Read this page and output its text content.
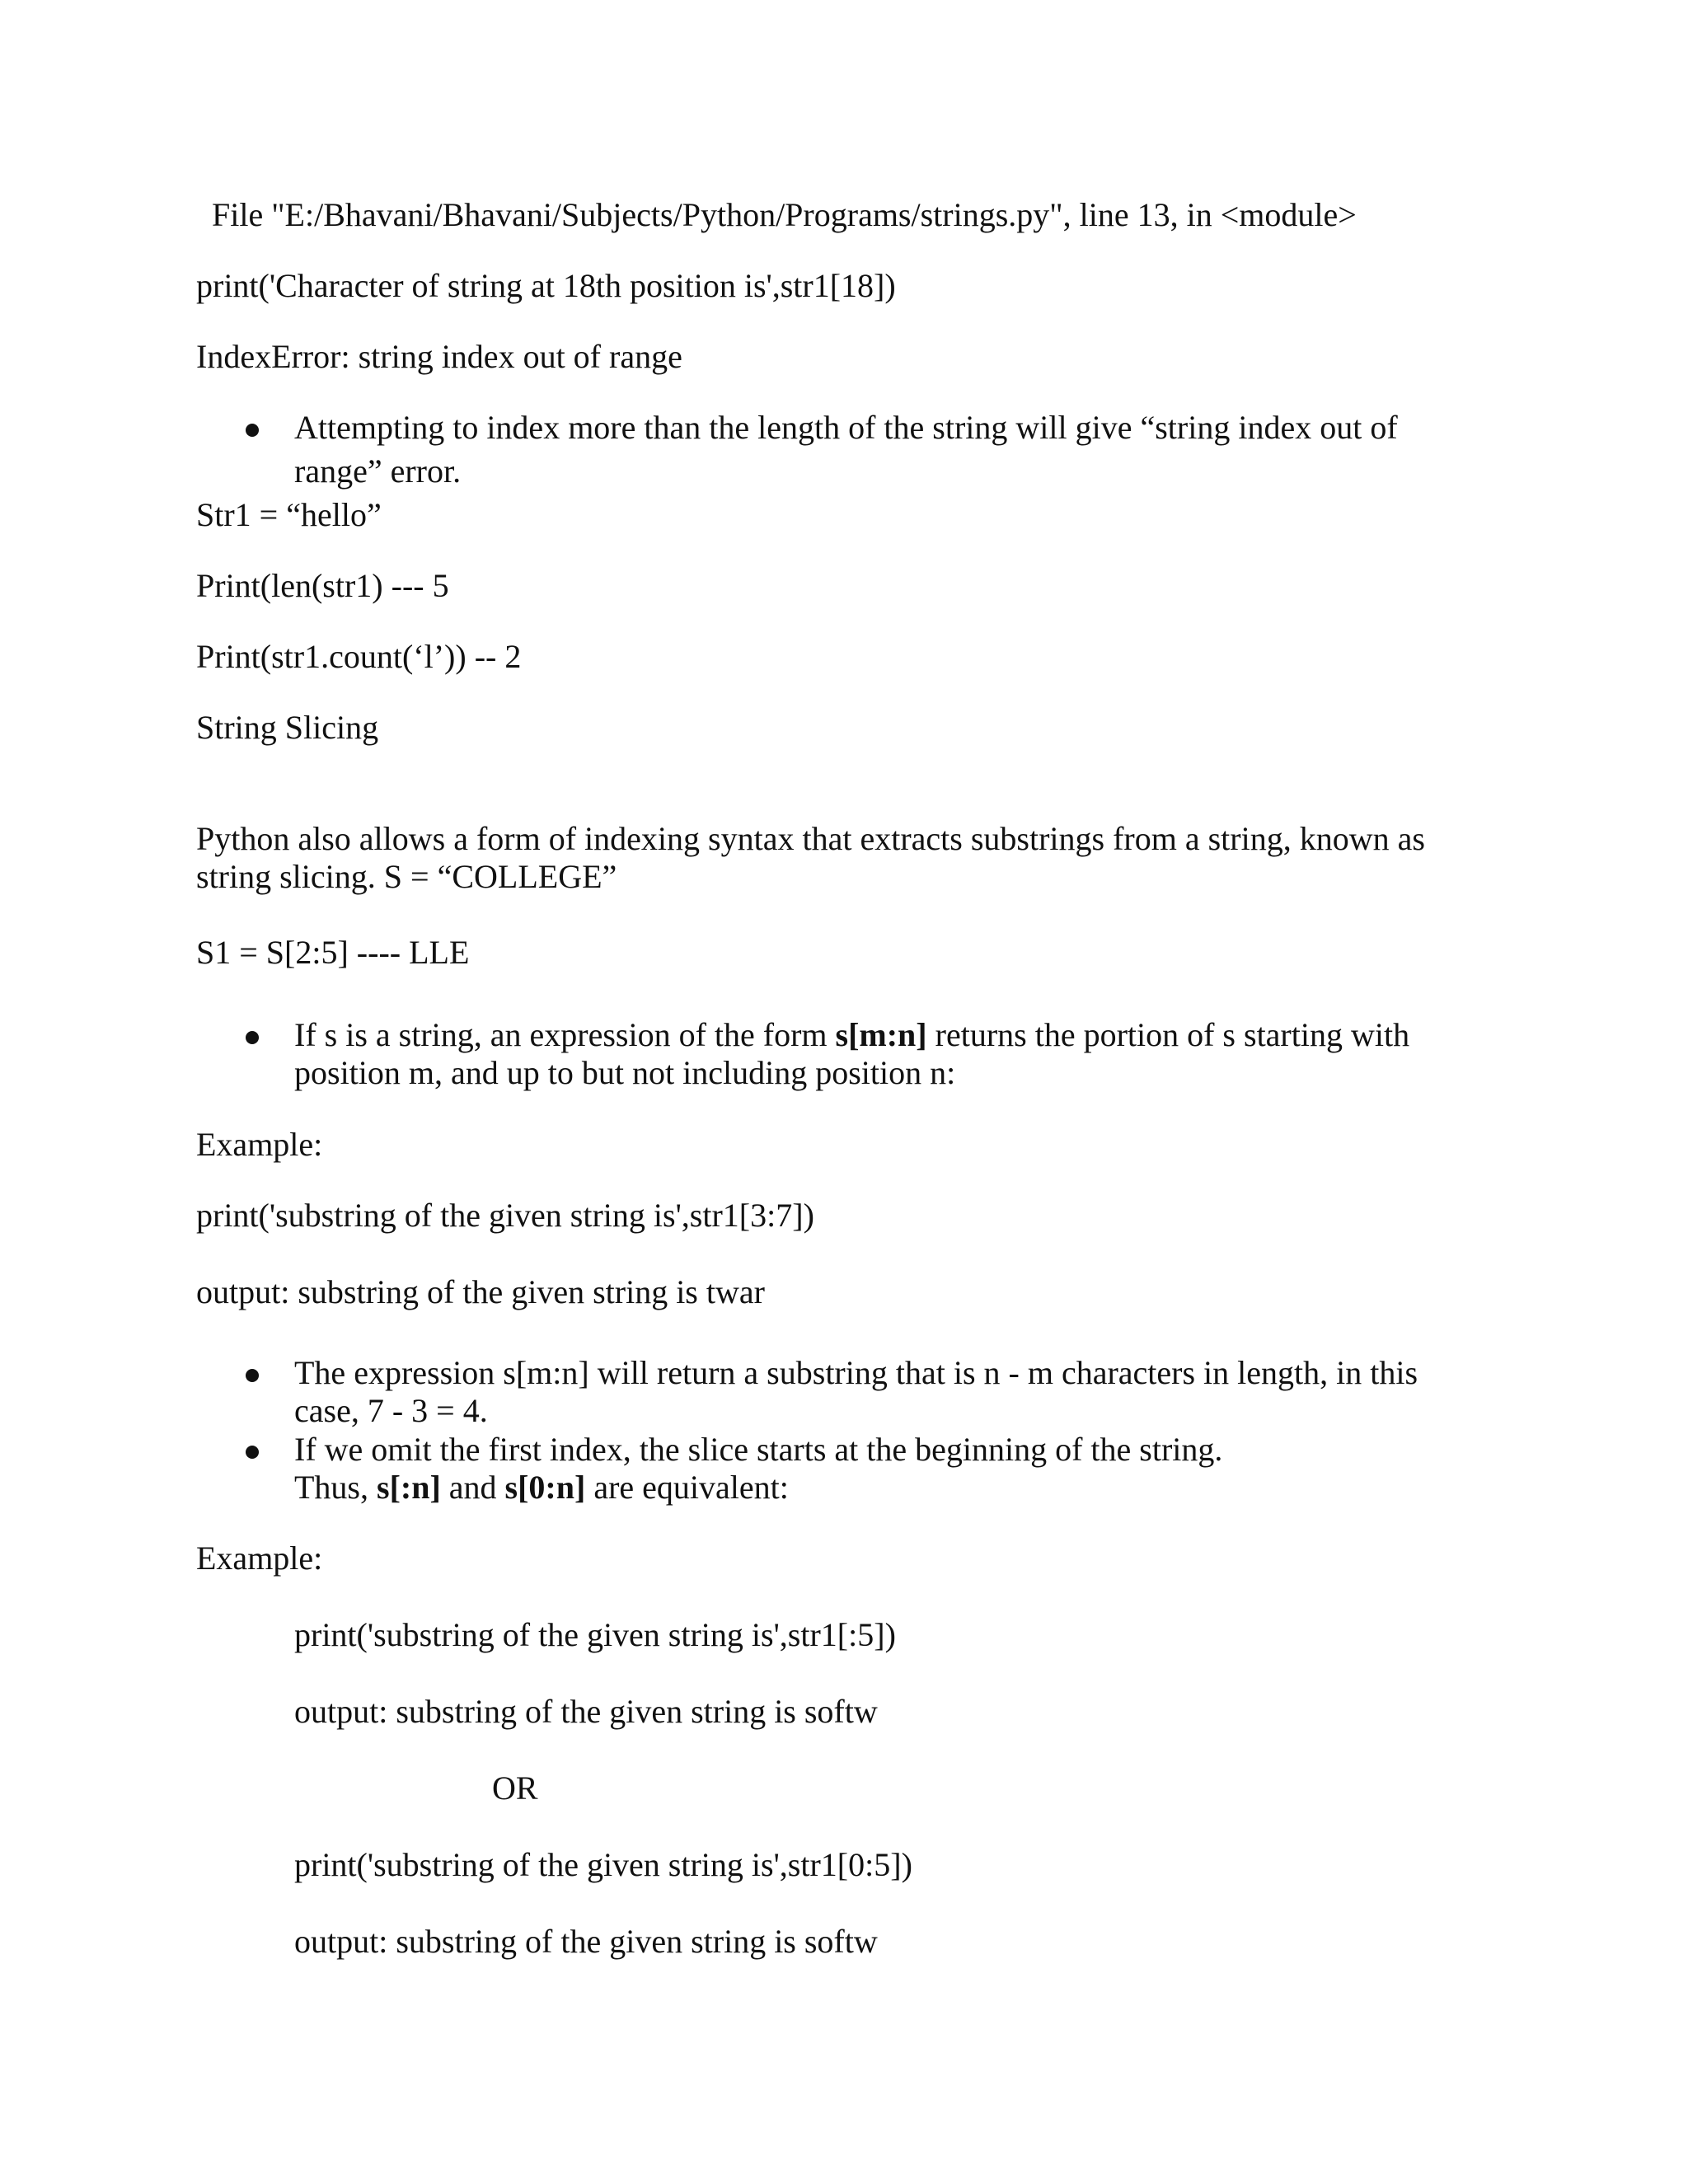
File "E:/Bhavani/Bhavani/Subjects/Python/Programs/strings.py", line 13, in <module>
print('Character of string at 18th position is',str1[18])
IndexError: string index out of range
Attempting to index more than the length of the string will give “string index out of
range” error.
Str1 = “hello”
Print(len(str1) --- 5
Print(str1.count(‘l’)) -- 2
String Slicing
Python also allows a form of indexing syntax that extracts substrings from a string, known as
string slicing. S = “COLLEGE”
S1 = S[2:5] ---- LLE
If s is a string, an expression of the form s[m:n] returns the portion of s starting with
position m, and up to but not including position n:
Example:
print('substring of the given string is',str1[3:7])
output: substring of the given string is twar
The expression s[m:n] will return a substring that is n - m characters in length, in this
case, 7 - 3 = 4.
If we omit the first index, the slice starts at the beginning of the string.
Thus, s[:n] and s[0:n] are equivalent:
Example:
print('substring of the given string is',str1[:5])
output: substring of the given string is softw
OR
print('substring of the given string is',str1[0:5])
output: substring of the given string is softw
